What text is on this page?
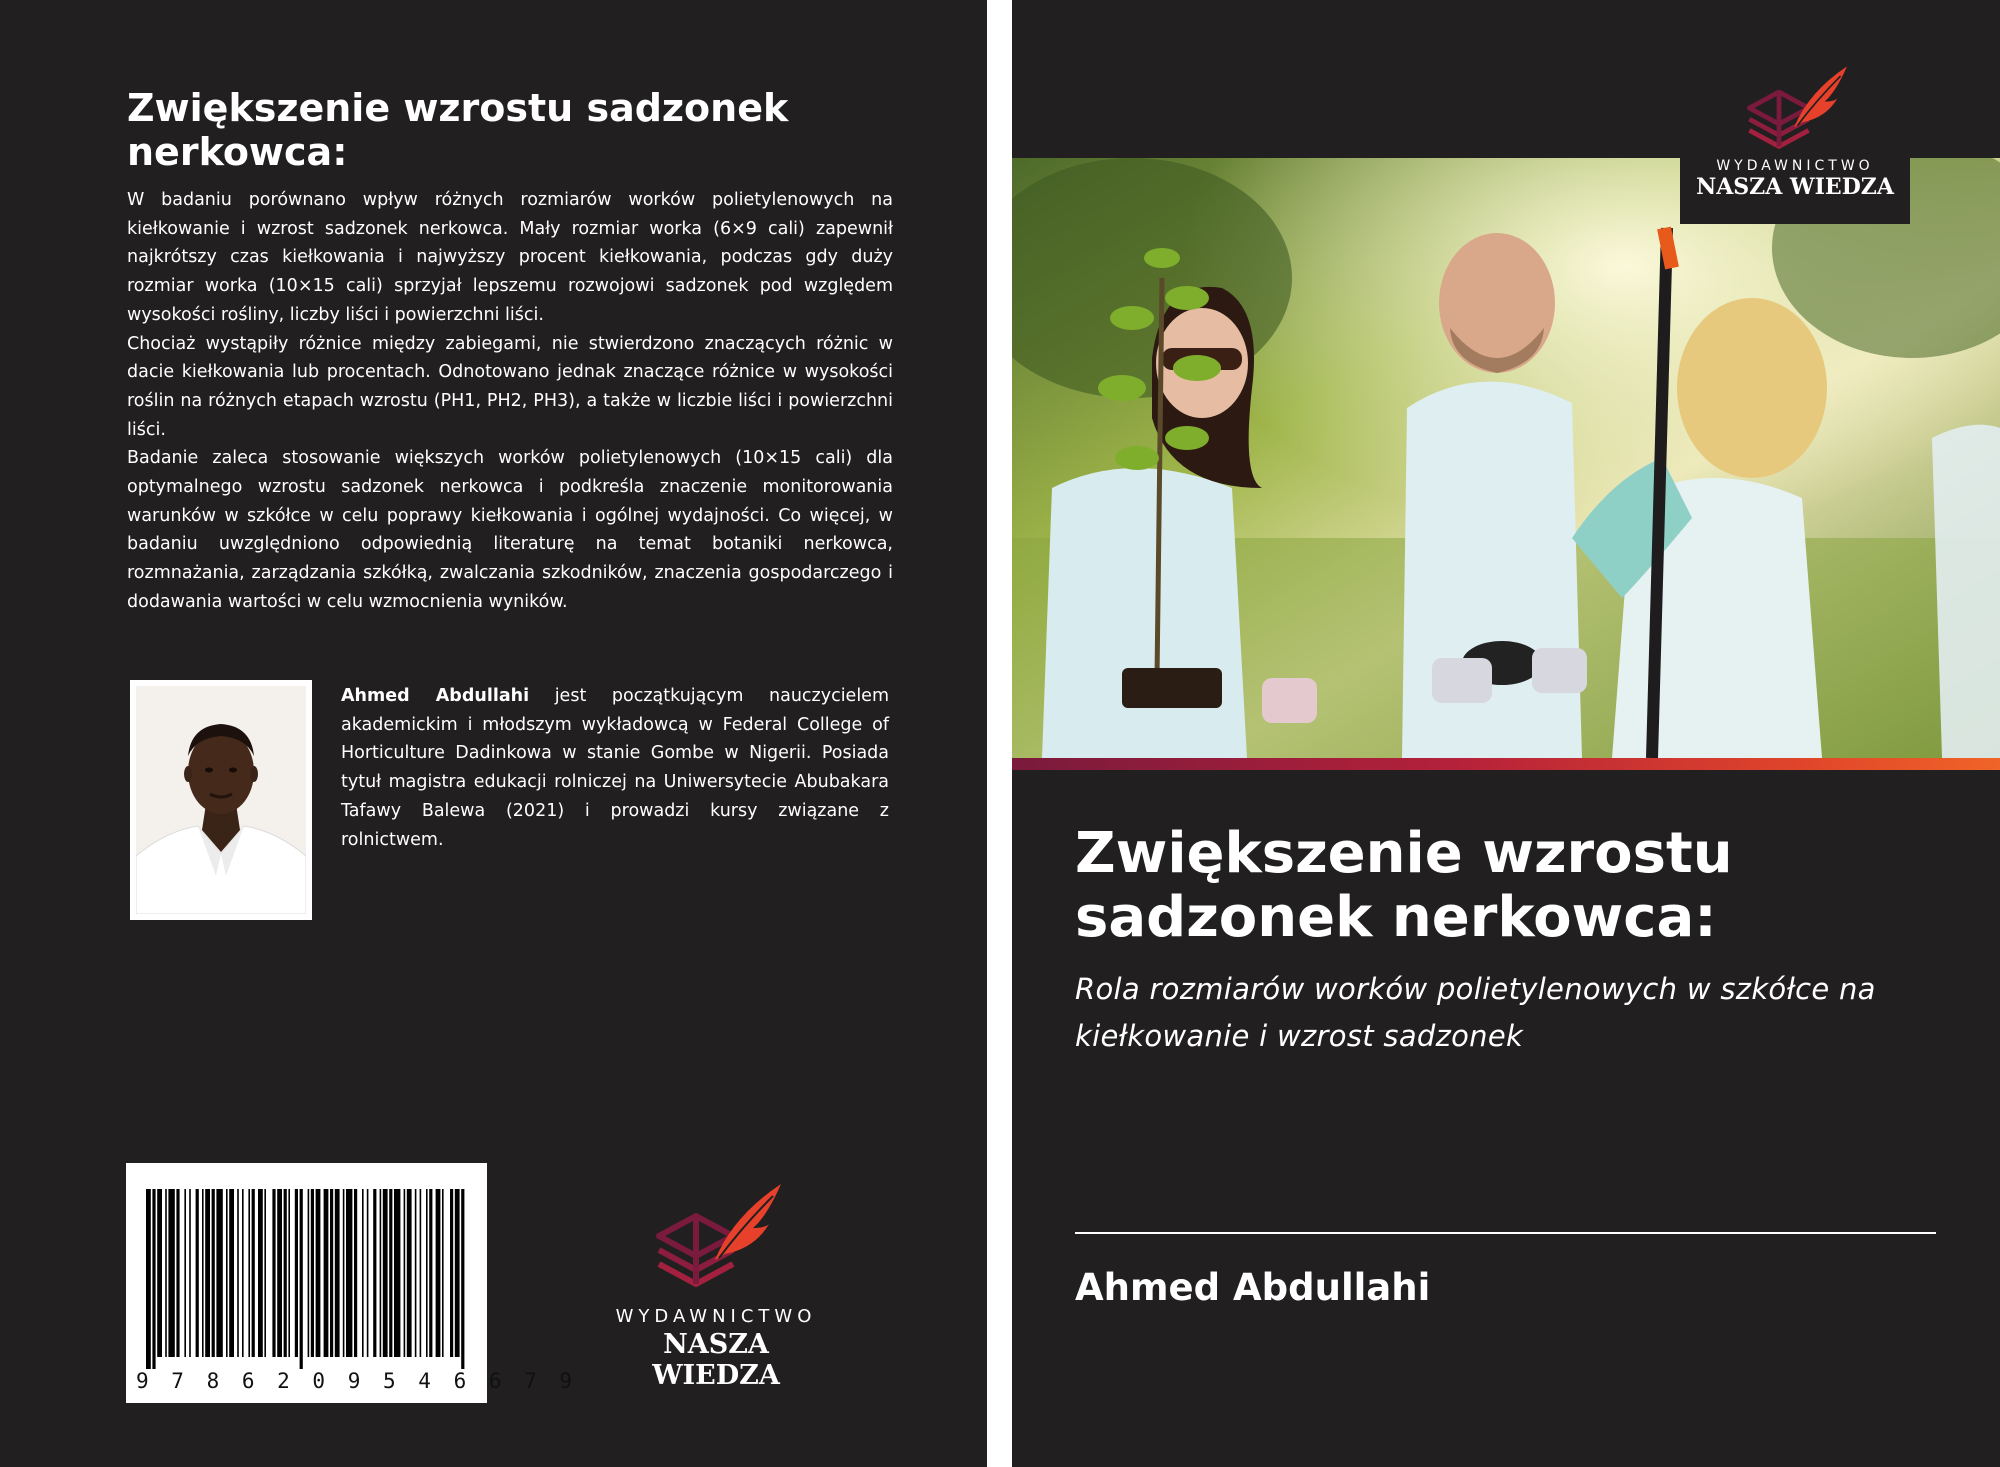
Zwiększenie wzrostu sadzonek nerkowca:

W badaniu porównano wpływ różnych rozmiarów worków polietylenowych na kiełkowanie i wzrost sadzonek nerkowca. Mały rozmiar worka (6×9 cali) zapewnił najkrótszy czas kiełkowania i najwyższy procent kiełkowania, podczas gdy duży rozmiar worka (10×15 cali) sprzyjał lepszemu rozwojowi sadzonek pod względem wysokości rośliny, liczby liści i powierzchni liści.

Chociaż wystąpiły różnice między zabiegami, nie stwierdzono znaczących różnic w dacie kiełkowania lub procentach. Odnotowano jednak znaczące różnice w wysokości roślin na różnych etapach wzrostu (PH1, PH2, PH3), a także w liczbie liści i powierzchni liści.

Badanie zaleca stosowanie większych worków polietylenowych (10×15 cali) dla optymalnego wzrostu sadzonek nerkowca i podkreśla znaczenie monitorowania warunków w szkółce w celu poprawy kiełkowania i ogólnej wydajności. Co więcej, w badaniu uwzględniono odpowiednią literaturę na temat botaniki nerkowca, rozmnażania, zarządzania szkółką, zwalczania szkodników, znaczenia gospodarczego i dodawania wartości w celu wzmocnienia wyników.

Ahmed Abdullahi jest początkującym nauczycielem akademickim i młodszym wykładowcą w Federal College of Horticulture Dadinkowa w stanie Gombe w Nigerii. Posiada tytuł magistra edukacji rolniczej na Uniwersytecie Abubakara Tafawy Balewa (2021) i prowadzi kursy związane z rolnictwem.

9 7 8 6 2 0 9 5 4 6 6 7 9
WYDAWNICTWO
NASZA WIEDZA
WYDAWNICTWO
NASZA WIEDZA
Zwiększenie wzrostu sadzonek nerkowca:

Rola rozmiarów worków polietylenowych w szkółce na kiełkowanie i wzrost sadzonek

Ahmed Abdullahi
